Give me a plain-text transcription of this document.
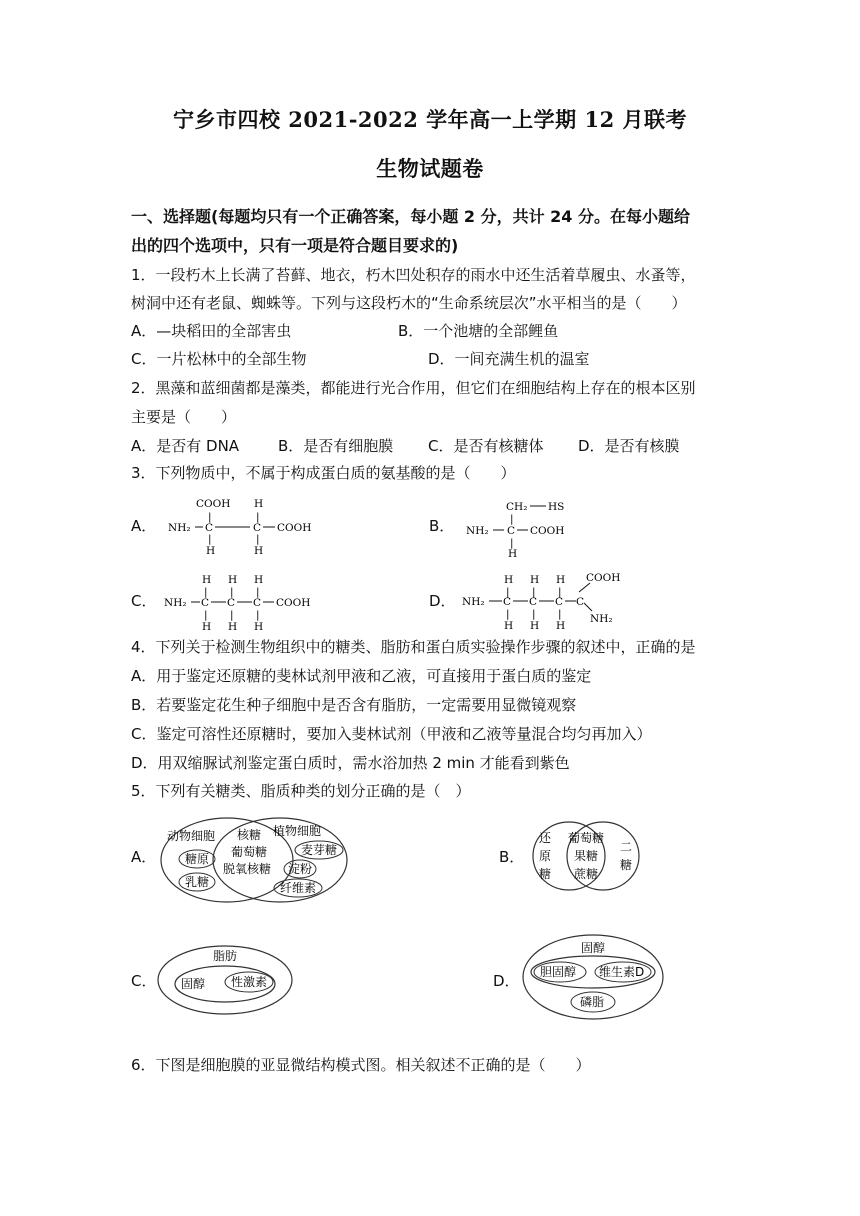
宁乡市四校 2021-2022 学年高一上学期 12 月联考
生物试题卷
一、选择题(每题均只有一个正确答案，每小题 2 分，共计 24 分。在每小题给
出的四个选项中，只有一项是符合题目要求的)
1．一段朽木上长满了苔藓、地衣，朽木凹处积存的雨水中还生活着草履虫、水蚤等，
树洞中还有老鼠、蜘蛛等。下列与这段朽木的“生命系统层次”水平相当的是（　　）
A．—块稻田的全部害虫	B．一个池塘的全部鲤鱼
C．一片松林中的全部生物	D．一间充满生机的温室
2．黑藻和蓝细菌都是藻类，都能进行光合作用，但它们在细胞结构上存在的根本区别
主要是（　　）
A．是否有 DNA	B．是否有细胞膜 C．是否有核糖体 D．是否有核膜
3．下列物质中，不属于构成蛋白质的氨基酸的是（　　）
A．
COOH
|
H
|
NH₂ C	C COOH
|	|
H	H
B．
CH₂ HS
|
NH₂ C COOH
|
H
C．
H H H
| | |
NH₂ C C C COOH
| | |
H H H
D．
H H H COOH
| | |
NH₂ C C C C
NH₂
| | |
H H H
4．下列关于检测生物组织中的糖类、脂肪和蛋白质实验操作步骤的叙述中，正确的是
A．用于鉴定还原糖的斐林试剂甲液和乙液，可直接用于蛋白质的鉴定
B．若要鉴定花生种子细胞中是否含有脂肪，一定需要用显微镜观察
C．鉴定可溶性还原糖时，要加入斐林试剂（甲液和乙液等量混合均匀再加入）
D．用双缩脲试剂鉴定蛋白质时，需水浴加热 2 min 才能看到紫色
5．下列有关糖类、脂质种类的划分正确的是（　）
A．
动物细胞	植物细胞
核糖
葡萄糖
脱氧核糖
糖原
乳糖
麦芽糖
淀粉
纤维素
B．
还
原
糖
二
糖
葡萄糖
果糖
蔗糖
C．
脂肪
固醇 性激素	D．
固醇
胆固醇 维生素D
磷脂
6．下图是细胞膜的亚显微结构模式图。相关叙述不正确的是（　　）
